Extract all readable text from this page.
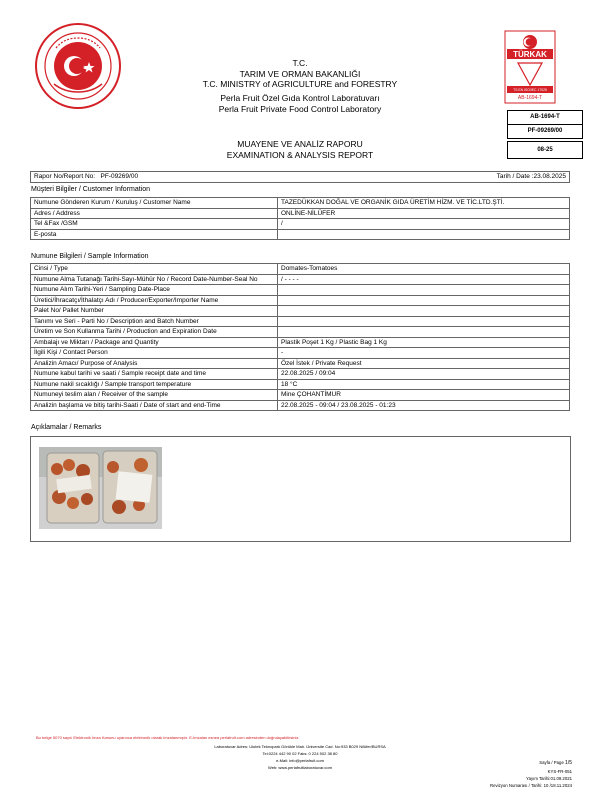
TÜRKAK
TS EN ISO/IEC 17025
AB-1694-T
T.C.
TARIM VE ORMAN BAKANLIĞI
T.C. MINISTRY of AGRICULTURE and FORESTRY
Perla Fruit Özel Gıda Kontrol Laboratuvarı
Perla Fruit Private Food Control Laboratory
MUAYENE VE ANALİZ RAPORU
EXAMINATION & ANALYSIS REPORT
AB-1694-T
PF-09269/00
08-25
Rapor No/Report No: PF-09269/00	Tarih / Date :23.08.2025
Müşteri Bilgiler / Customer Information
Numune Gönderen Kurum / Kuruluş / Customer Name	TAZEDÜKKAN DOĞAL VE ORGANİK GIDA ÜRETİM HİZM. VE TİC.LTD.ŞTİ.
Adres / Address	ONLİNE-NİLÜFER
Tel &Fax /GSM	/
E-posta	
Numune Bilgileri / Sample Information
Cinsi / Type	Domates-Tomatoes
Numune Alma Tutanağı Tarihi-Sayı-Mühür No / Record Date-Number-Seal No	/ - - - -
Numune Alım Tarihi-Yeri / Sampling Date-Place	
Üretici/İhracatçı/İthalatçı Adı / Producer/Exporter/Importer Name	
Palet No/ Pallet Number	
Tanımı ve Seri - Parti No / Description and Batch Number	
Üretim ve Son Kullanma Tarihi / Production and Expiration Date	
Ambalajı ve Miktarı / Package and Quantity	Plastik Poşet 1 Kg / Plastic Bag 1 Kg
İlgili Kişi / Contact Person	-
Analizin Amacı/ Purpose of Analysis	Özel İstek / Private Request
Numune kabul tarihi ve saati / Sample receipt date and time	22.08.2025 / 09:04
Numune nakil sıcaklığı / Sample transport temperature	18 °C
Numuneyi teslim alan / Receiver of the sample	Mine ÇOHANTİMUR
Analizin başlama ve bitiş tarihi-Saati / Date of start and end-Time	22.08.2025 - 09:04 / 23.08.2025 - 01:23
Açıklamalar / Remarks
Bu belge 5070 sayılı Elektronik İmza Kanunu uyarınca elektronik olarak imzalanmıştır. E-İmzalan esnea perlafruit.com adresinden doğrulayabilirsiniz.
Laboratuvar Adres: Ulutek Teknopark Görükle Mah. Üniversite Cad. No:933 B029 Nilüfer/BURSA
Tel:0224 442 90 02 Faks: 0 224 502 38 80
e-Mail: info@perlafruit.com
Web: www.perlafruitlaboratuvar.com
Sayfa / Page 1/5
KYS-FR-051
Yayım Tarihi:01.09.2021
Revizyon Numarası / Tarihi: 10 /18.11.2024
